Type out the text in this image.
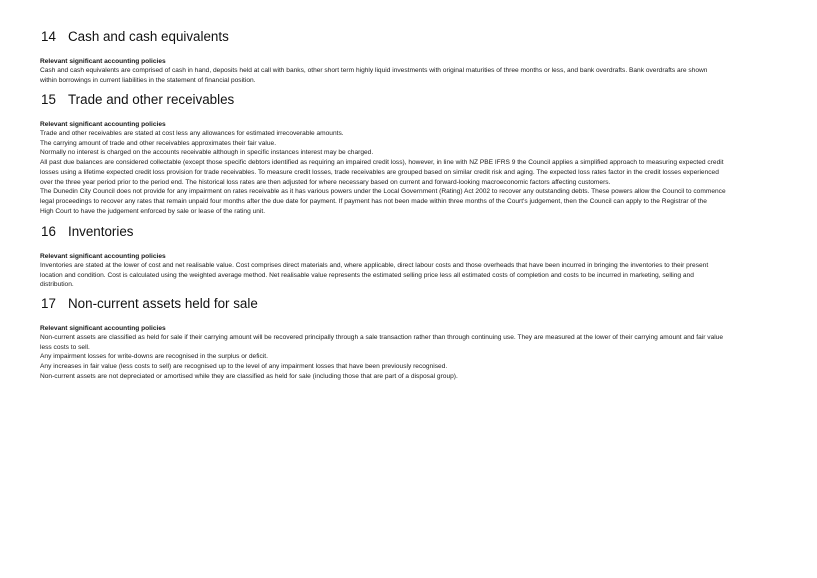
14 Cash and cash equivalents

Relevant significant accounting policies

Cash and cash equivalents are comprised of cash in hand, deposits held at call with banks, other short term highly liquid investments with original maturities of three months or less, and bank overdrafts. Bank overdrafts are shown

within borrowings in current liabilities in the statement of financial position.

15 Trade and other receivables

Relevant significant accounting policies

Trade and other receivables are stated at cost less any allowances for estimated irrecoverable amounts.

The carrying amount of trade and other receivables approximates their fair value.

Normally no interest is charged on the accounts receivable although in specific instances interest may be charged.

All past due balances are considered collectable (except those specific debtors identified as requiring an impaired credit loss), however, in line with NZ PBE IFRS 9 the Council applies a simplified approach to measuring expected credit

losses using a lifetime expected credit loss provision for trade receivables. To measure credit losses, trade receivables are grouped based on similar credit risk and aging. The expected loss rates factor in the credit losses experienced

over the three year period prior to the period end. The historical loss rates are then adjusted for where necessary based on current and forward-looking macroeconomic factors affecting customers.

The Dunedin City Council does not provide for any impairment on rates receivable as it has various powers under the Local Government (Rating) Act 2002 to recover any outstanding debts. These powers allow the Council to commence

legal proceedings to recover any rates that remain unpaid four months after the due date for payment. If payment has not been made within three months of the Court's judgement, then the Council can apply to the Registrar of the

High Court to have the judgement enforced by sale or lease of the rating unit.

16 Inventories

Relevant significant accounting policies

Inventories are stated at the lower of cost and net realisable value. Cost comprises direct materials and, where applicable, direct labour costs and those overheads that have been incurred in bringing the inventories to their present

location and condition. Cost is calculated using the weighted average method. Net realisable value represents the estimated selling price less all estimated costs of completion and costs to be incurred in marketing, selling and

distribution.

17 Non-current assets held for sale

Relevant significant accounting policies

Non-current assets are classified as held for sale if their carrying amount will be recovered principally through a sale transaction rather than through continuing use. They are measured at the lower of their carrying amount and fair value

less costs to sell.

Any impairment losses for write-downs are recognised in the surplus or deficit.

Any increases in fair value (less costs to sell) are recognised up to the level of any impairment losses that have been previously recognised.

Non-current assets are not depreciated or amortised while they are classified as held for sale (including those that are part of a disposal group).
